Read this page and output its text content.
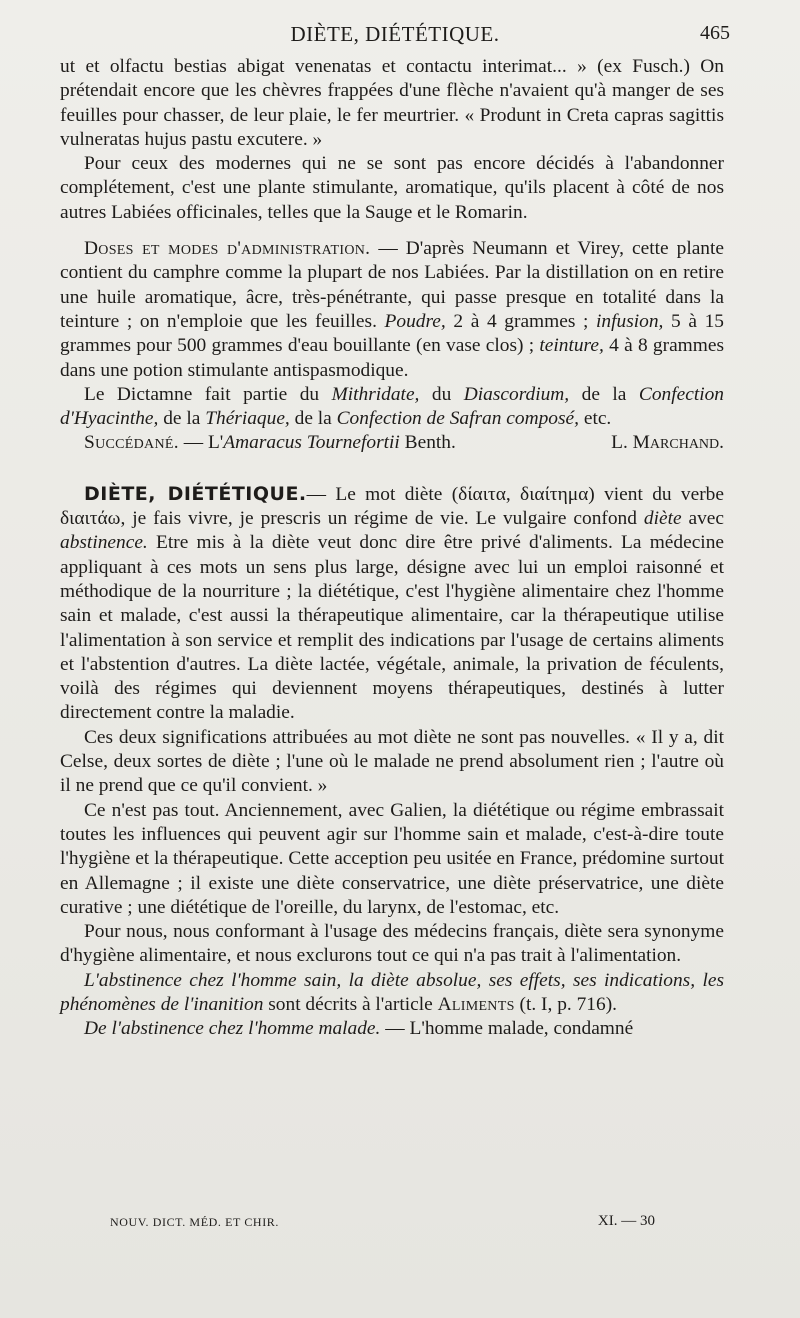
DIÈTE, DIÉTÉTIQUE.	465

ut et olfactu bestias abigat venenatas et contactu interimat... » (ex Fusch.) On prétendait encore que les chèvres frappées d'une flèche n'avaient qu'à manger de ses feuilles pour chasser, de leur plaie, le fer meurtrier. « Produnt in Creta capras sagittis vulneratas hujus pastu excutere. »

Pour ceux des modernes qui ne se sont pas encore décidés à l'abandonner complétement, c'est une plante stimulante, aromatique, qu'ils placent à côté de nos autres Labiées officinales, telles que la Sauge et le Romarin.

Doses et modes d'administration. — D'après Neumann et Virey, cette plante contient du camphre comme la plupart de nos Labiées. Par la distillation on en retire une huile aromatique, âcre, très-pénétrante, qui passe presque en totalité dans la teinture ; on n'emploie que les feuilles. Poudre, 2 à 4 grammes ; infusion, 5 à 15 grammes pour 500 grammes d'eau bouillante (en vase clos) ; teinture, 4 à 8 grammes dans une potion stimulante antispasmodique.

Le Dictamne fait partie du Mithridate, du Diascordium, de la Confection d'Hyacinthe, de la Thériaque, de la Confection de Safran composé, etc.

Succédané. — L'Amaracus Tournefortii Benth.	L. Marchand.

DIÈTE, DIÉTÉTIQUE.— Le mot diète (δίαιτα, διαίτημα) vient du verbe διαιτάω, je fais vivre, je prescris un régime de vie. Le vulgaire confond diète avec abstinence. Etre mis à la diète veut donc dire être privé d'aliments. La médecine appliquant à ces mots un sens plus large, désigne avec lui un emploi raisonné et méthodique de la nourriture ; la diététique, c'est l'hygiène alimentaire chez l'homme sain et malade, c'est aussi la thérapeutique alimentaire, car la thérapeutique utilise l'alimentation à son service et remplit des indications par l'usage de certains aliments et l'abstention d'autres. La diète lactée, végétale, animale, la privation de féculents, voilà des régimes qui deviennent moyens thérapeutiques, destinés à lutter directement contre la maladie.

Ces deux significations attribuées au mot diète ne sont pas nouvelles. « Il y a, dit Celse, deux sortes de diète ; l'une où le malade ne prend absolument rien ; l'autre où il ne prend que ce qu'il convient. »

Ce n'est pas tout. Anciennement, avec Galien, la diététique ou régime embrassait toutes les influences qui peuvent agir sur l'homme sain et malade, c'est-à-dire toute l'hygiène et la thérapeutique. Cette acception peu usitée en France, prédomine surtout en Allemagne ; il existe une diète conservatrice, une diète préservatrice, une diète curative ; une diététique de l'oreille, du larynx, de l'estomac, etc.

Pour nous, nous conformant à l'usage des médecins français, diète sera synonyme d'hygiène alimentaire, et nous exclurons tout ce qui n'a pas trait à l'alimentation.

L'abstinence chez l'homme sain, la diète absolue, ses effets, ses indications, les phénomènes de l'inanition sont décrits à l'article Aliments (t. I, p. 716).

De l'abstinence chez l'homme malade. — L'homme malade, condamné

NOUV. DICT. MÉD. ET CHIR.	XI. — 30
